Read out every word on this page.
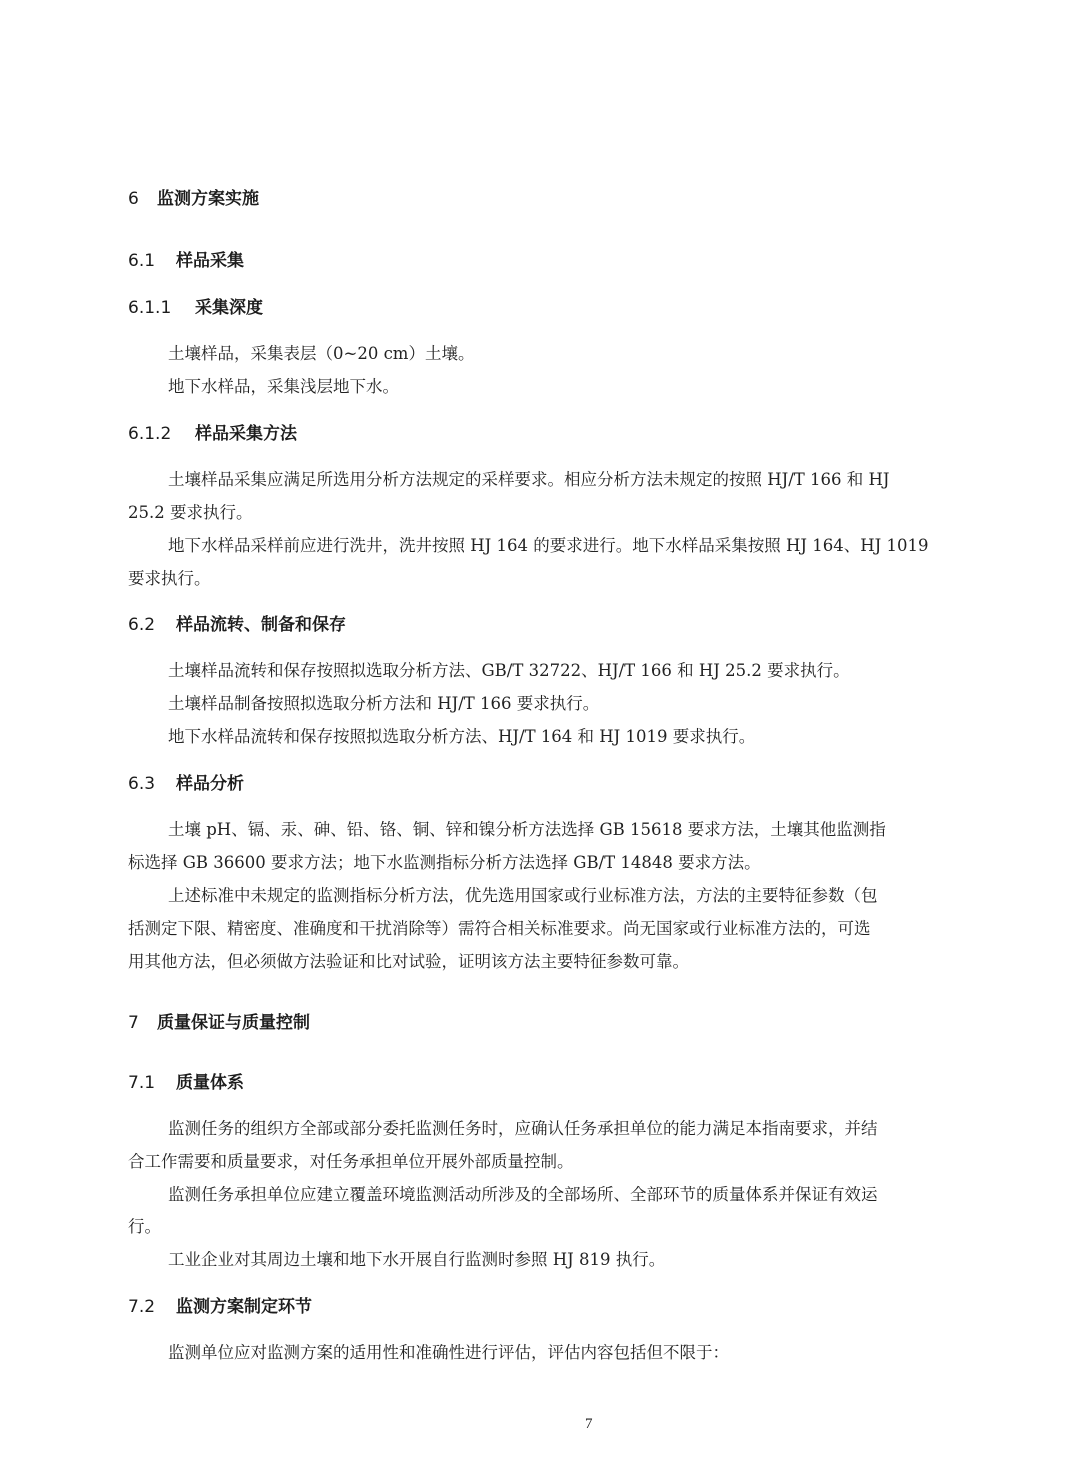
6 监测方案实施
6.1 样品采集
6.1.1 采集深度

土壤样品，采集表层（0~20 cm）土壤。

地下水样品，采集浅层地下水。

6.1.2 样品采集方法

土壤样品采集应满足所选用分析方法规定的采样要求。相应分析方法未规定的按照 HJ/T 166 和 HJ

25.2 要求执行。

地下水样品采样前应进行洗井，洗井按照 HJ 164 的要求进行。地下水样品采集按照 HJ 164、HJ 1019

要求执行。

6.2 样品流转、制备和保存

土壤样品流转和保存按照拟选取分析方法、GB/T 32722、HJ/T 166 和 HJ 25.2 要求执行。

土壤样品制备按照拟选取分析方法和 HJ/T 166 要求执行。

地下水样品流转和保存按照拟选取分析方法、HJ/T 164 和 HJ 1019 要求执行。

6.3 样品分析

土壤 pH、镉、汞、砷、铅、铬、铜、锌和镍分析方法选择 GB 15618 要求方法，土壤其他监测指

标选择 GB 36600 要求方法；地下水监测指标分析方法选择 GB/T 14848 要求方法。

上述标准中未规定的监测指标分析方法，优先选用国家或行业标准方法，方法的主要特征参数（包

括测定下限、精密度、准确度和干扰消除等）需符合相关标准要求。尚无国家或行业标准方法的，可选

用其他方法，但必须做方法验证和比对试验，证明该方法主要特征参数可靠。

7 质量保证与质量控制
7.1 质量体系

监测任务的组织方全部或部分委托监测任务时，应确认任务承担单位的能力满足本指南要求，并结

合工作需要和质量要求，对任务承担单位开展外部质量控制。

监测任务承担单位应建立覆盖环境监测活动所涉及的全部场所、全部环节的质量体系并保证有效运

行。

工业企业对其周边土壤和地下水开展自行监测时参照 HJ 819 执行。

7.2 监测方案制定环节

监测单位应对监测方案的适用性和准确性进行评估，评估内容包括但不限于：

7
